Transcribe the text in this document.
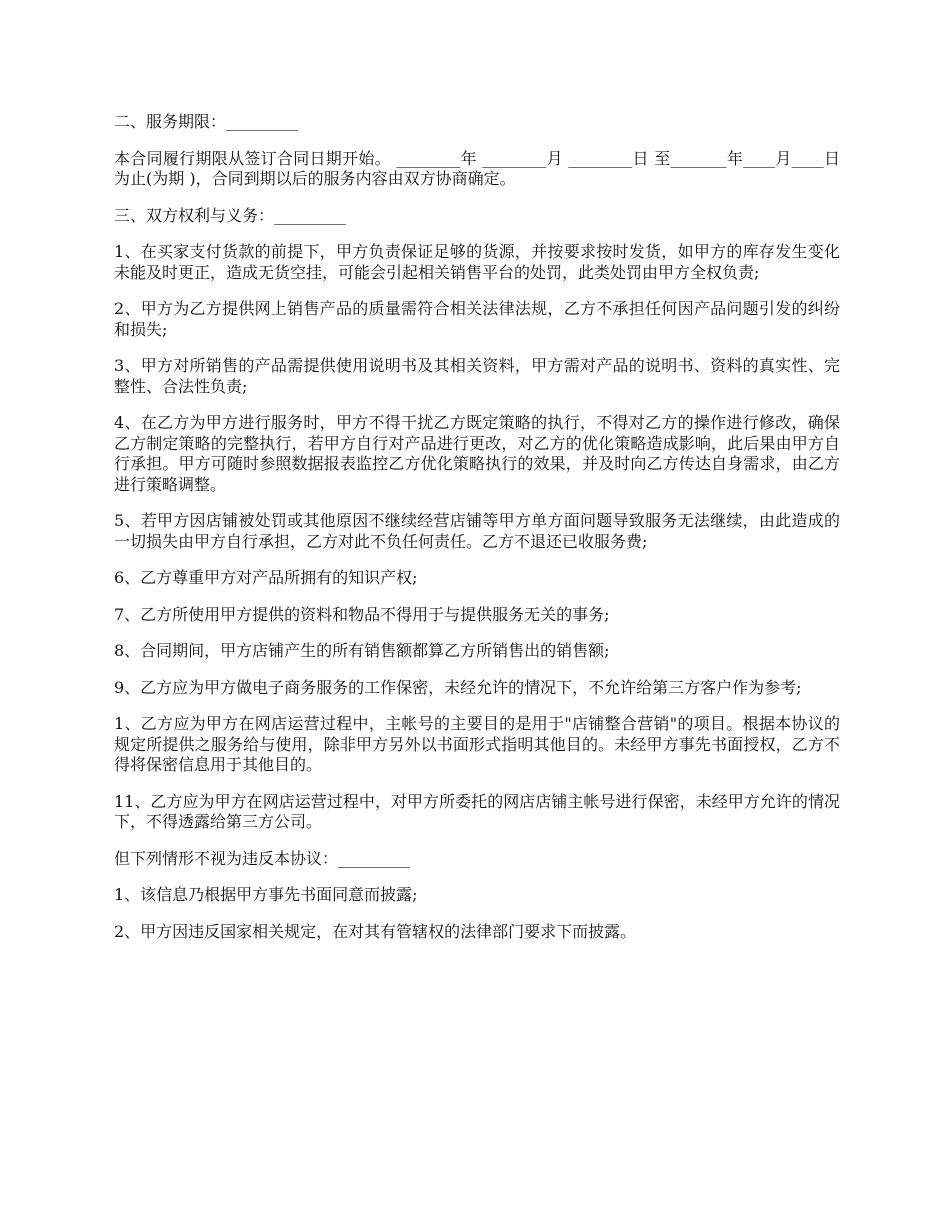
二、服务期限：_________

本合同履行期限从签订合同日期开始。 ________年 ________月 ________日 至_______年____月____日为止(为期 )，合同到期以后的服务内容由双方协商确定。

三、双方权利与义务：_________

1、在买家支付货款的前提下，甲方负责保证足够的货源，并按要求按时发货，如甲方的库存发生变化未能及时更正，造成无货空挂，可能会引起相关销售平台的处罚，此类处罚由甲方全权负责;

2、甲方为乙方提供网上销售产品的质量需符合相关法律法规，乙方不承担任何因产品问题引发的纠纷和损失;

3、甲方对所销售的产品需提供使用说明书及其相关资料，甲方需对产品的说明书、资料的真实性、完整性、合法性负责;

4、在乙方为甲方进行服务时，甲方不得干扰乙方既定策略的执行，不得对乙方的操作进行修改，确保乙方制定策略的完整执行，若甲方自行对产品进行更改，对乙方的优化策略造成影响，此后果由甲方自行承担。甲方可随时参照数据报表监控乙方优化策略执行的效果，并及时向乙方传达自身需求，由乙方进行策略调整。

5、若甲方因店铺被处罚或其他原因不继续经营店铺等甲方单方面问题导致服务无法继续，由此造成的一切损失由甲方自行承担，乙方对此不负任何责任。乙方不退还已收服务费;

6、乙方尊重甲方对产品所拥有的知识产权;

7、乙方所使用甲方提供的资料和物品不得用于与提供服务无关的事务;

8、合同期间，甲方店铺产生的所有销售额都算乙方所销售出的销售额;

9、乙方应为甲方做电子商务服务的工作保密，未经允许的情况下，不允许给第三方客户作为参考;

1、乙方应为甲方在网店运营过程中，主帐号的主要目的是用于"店铺整合营销"的项目。根据本协议的规定所提供之服务给与使用，除非甲方另外以书面形式指明其他目的。未经甲方事先书面授权，乙方不得将保密信息用于其他目的。

11、乙方应为甲方在网店运营过程中，对甲方所委托的网店店铺主帐号进行保密，未经甲方允许的情况下，不得透露给第三方公司。

但下列情形不视为违反本协议：_________

1、该信息乃根据甲方事先书面同意而披露;

2、甲方因违反国家相关规定，在对其有管辖权的法律部门要求下而披露。
